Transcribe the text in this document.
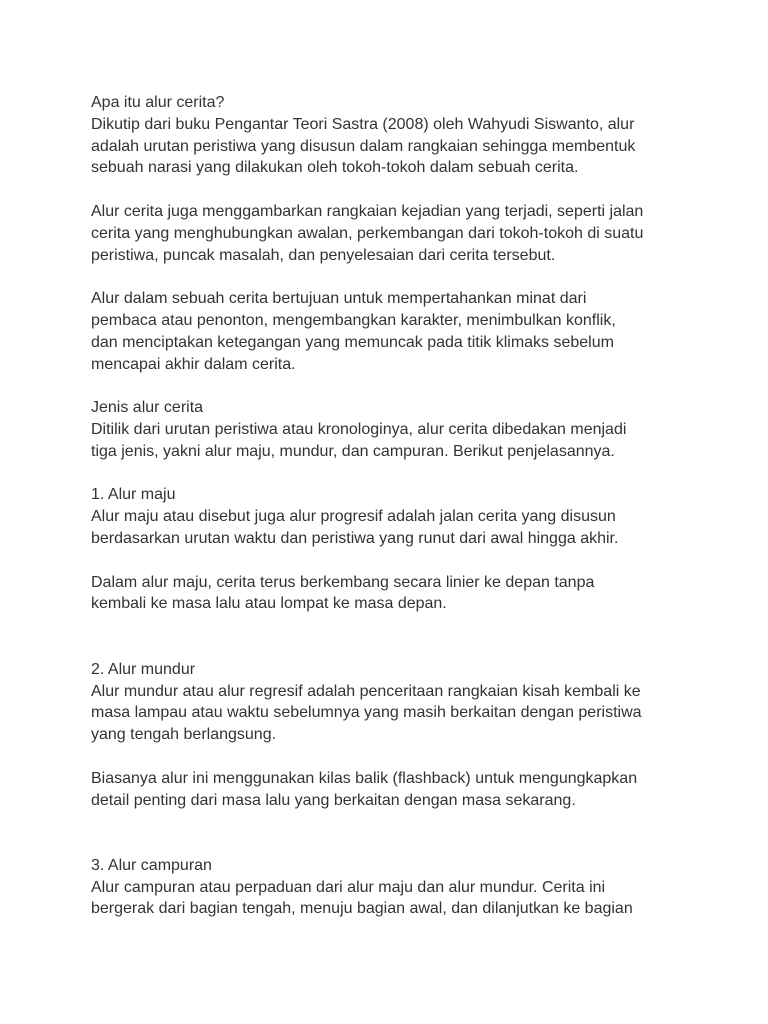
Apa itu alur cerita?
Dikutip dari buku Pengantar Teori Sastra (2008) oleh Wahyudi Siswanto, alur
adalah urutan peristiwa yang disusun dalam rangkaian sehingga membentuk
sebuah narasi yang dilakukan oleh tokoh-tokoh dalam sebuah cerita.
Alur cerita juga menggambarkan rangkaian kejadian yang terjadi, seperti jalan
cerita yang menghubungkan awalan, perkembangan dari tokoh-tokoh di suatu
peristiwa, puncak masalah, dan penyelesaian dari cerita tersebut.
Alur dalam sebuah cerita bertujuan untuk mempertahankan minat dari
pembaca atau penonton, mengembangkan karakter, menimbulkan konflik,
dan menciptakan ketegangan yang memuncak pada titik klimaks sebelum
mencapai akhir dalam cerita.
Jenis alur cerita
Ditilik dari urutan peristiwa atau kronologinya, alur cerita dibedakan menjadi
tiga jenis, yakni alur maju, mundur, dan campuran. Berikut penjelasannya.
1. Alur maju
Alur maju atau disebut juga alur progresif adalah jalan cerita yang disusun
berdasarkan urutan waktu dan peristiwa yang runut dari awal hingga akhir.
Dalam alur maju, cerita terus berkembang secara linier ke depan tanpa
kembali ke masa lalu atau lompat ke masa depan.
2. Alur mundur
Alur mundur atau alur regresif adalah penceritaan rangkaian kisah kembali ke
masa lampau atau waktu sebelumnya yang masih berkaitan dengan peristiwa
yang tengah berlangsung.
Biasanya alur ini menggunakan kilas balik (flashback) untuk mengungkapkan
detail penting dari masa lalu yang berkaitan dengan masa sekarang.
3. Alur campuran
Alur campuran atau perpaduan dari alur maju dan alur mundur. Cerita ini
bergerak dari bagian tengah, menuju bagian awal, dan dilanjutkan ke bagian
